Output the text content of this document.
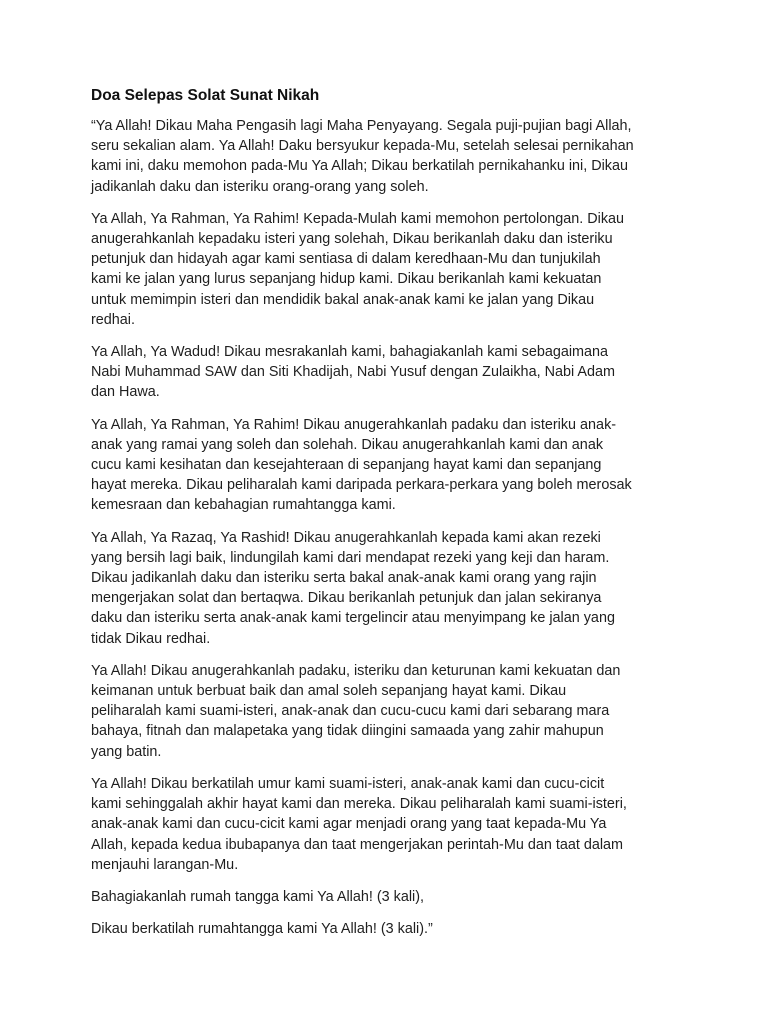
Doa Selepas Solat Sunat Nikah

“Ya Allah! Dikau Maha Pengasih lagi Maha Penyayang. Segala puji-pujian bagi Allah,
seru sekalian alam. Ya Allah! Daku bersyukur kepada-Mu, setelah selesai pernikahan
kami ini, daku memohon pada-Mu Ya Allah; Dikau berkatilah pernikahanku ini, Dikau
jadikanlah daku dan isteriku orang-orang yang soleh.

Ya Allah, Ya Rahman, Ya Rahim! Kepada-Mulah kami memohon pertolongan. Dikau
anugerahkanlah kepadaku isteri yang solehah, Dikau berikanlah daku dan isteriku
petunjuk dan hidayah agar kami sentiasa di dalam keredhaan-Mu dan tunjukilah
kami ke jalan yang lurus sepanjang hidup kami. Dikau berikanlah kami kekuatan
untuk memimpin isteri dan mendidik bakal anak-anak kami ke jalan yang Dikau
redhai.

Ya Allah, Ya Wadud! Dikau mesrakanlah kami, bahagiakanlah kami sebagaimana
Nabi Muhammad SAW dan Siti Khadijah, Nabi Yusuf dengan Zulaikha, Nabi Adam
dan Hawa.

Ya Allah, Ya Rahman, Ya Rahim! Dikau anugerahkanlah padaku dan isteriku anak-
anak yang ramai yang soleh dan solehah. Dikau anugerahkanlah kami dan anak
cucu kami kesihatan dan kesejahteraan di sepanjang hayat kami dan sepanjang
hayat mereka. Dikau peliharalah kami daripada perkara-perkara yang boleh merosak
kemesraan dan kebahagian rumahtangga kami.

Ya Allah, Ya Razaq, Ya Rashid! Dikau anugerahkanlah kepada kami akan rezeki
yang bersih lagi baik, lindungilah kami dari mendapat rezeki yang keji dan haram.
Dikau jadikanlah daku dan isteriku serta bakal anak-anak kami orang yang rajin
mengerjakan solat dan bertaqwa. Dikau berikanlah petunjuk dan jalan sekiranya
daku dan isteriku serta anak-anak kami tergelincir atau menyimpang ke jalan yang
tidak Dikau redhai.

Ya Allah! Dikau anugerahkanlah padaku, isteriku dan keturunan kami kekuatan dan
keimanan untuk berbuat baik dan amal soleh sepanjang hayat kami. Dikau
peliharalah kami suami-isteri, anak-anak dan cucu-cucu kami dari sebarang mara
bahaya, fitnah dan malapetaka yang tidak diingini samaada yang zahir mahupun
yang batin.

Ya Allah! Dikau berkatilah umur kami suami-isteri, anak-anak kami dan cucu-cicit
kami sehinggalah akhir hayat kami dan mereka. Dikau peliharalah kami suami-isteri,
anak-anak kami dan cucu-cicit kami agar menjadi orang yang taat kepada-Mu Ya
Allah, kepada kedua ibubapanya dan taat mengerjakan perintah-Mu dan taat dalam
menjauhi larangan-Mu.

Bahagiakanlah rumah tangga kami Ya Allah! (3 kali),

Dikau berkatilah rumahtangga kami Ya Allah! (3 kali).”
